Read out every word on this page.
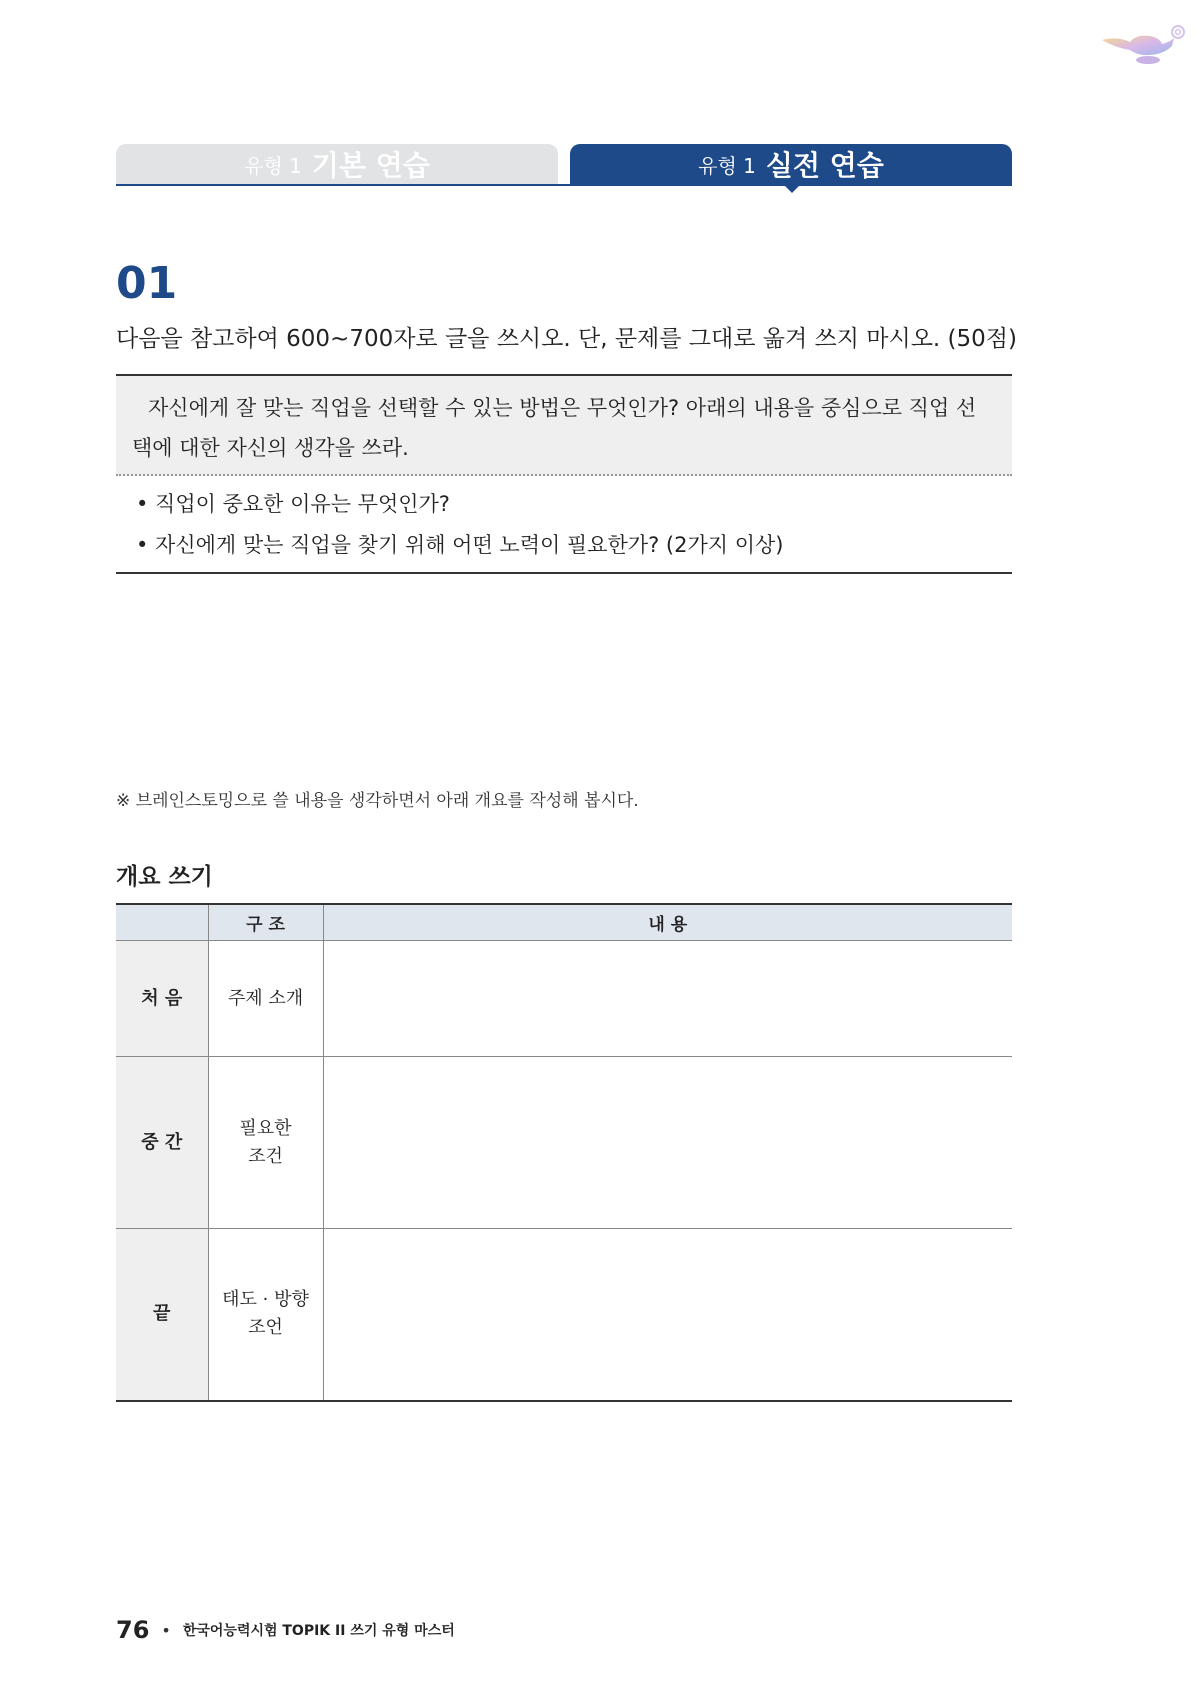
유형 1 기본 연습	유형 1 실전 연습
01
다음을 참고하여 600~700자로 글을 쓰시오. 단, 문제를 그대로 옮겨 쓰지 마시오. (50점)
자신에게 잘 맞는 직업을 선택할 수 있는 방법은 무엇인가? 아래의 내용을 중심으로 직업 선택에 대한 자신의 생각을 쓰라.
• 직업이 중요한 이유는 무엇인가?
• 자신에게 맞는 직업을 찾기 위해 어떤 노력이 필요한가? (2가지 이상)
※ 브레인스토밍으로 쓸 내용을 생각하면서 아래 개요를 작성해 봅시다.
개요 쓰기
	구 조	내 용
처 음	주제 소개	

중 간	필요한
조건	

끝	태도 · 방향
조언	

76 • 한국어능력시험 TOPIK II 쓰기 유형 마스터
